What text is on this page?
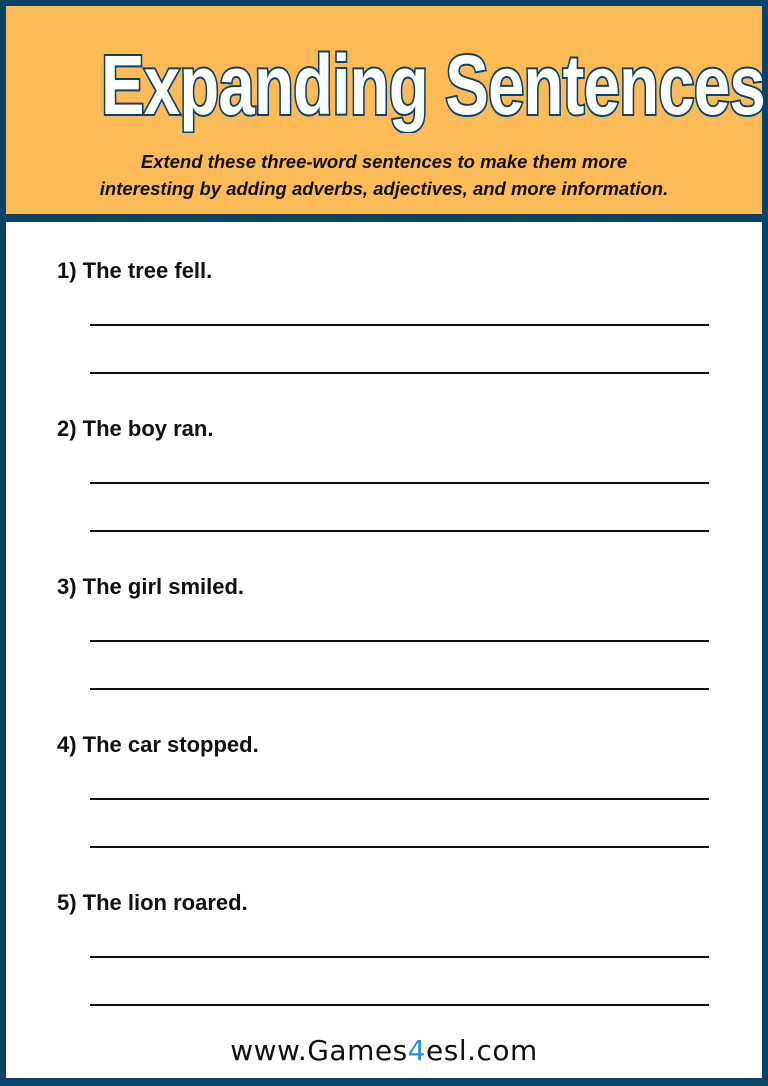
Expanding Sentences
Extend these three-word sentences to make them more
interesting by adding adverbs, adjectives, and more information.
1) The tree fell.
2) The boy ran.
3) The girl smiled.
4) The car stopped.
5) The lion roared.
www.Games4esl.com
